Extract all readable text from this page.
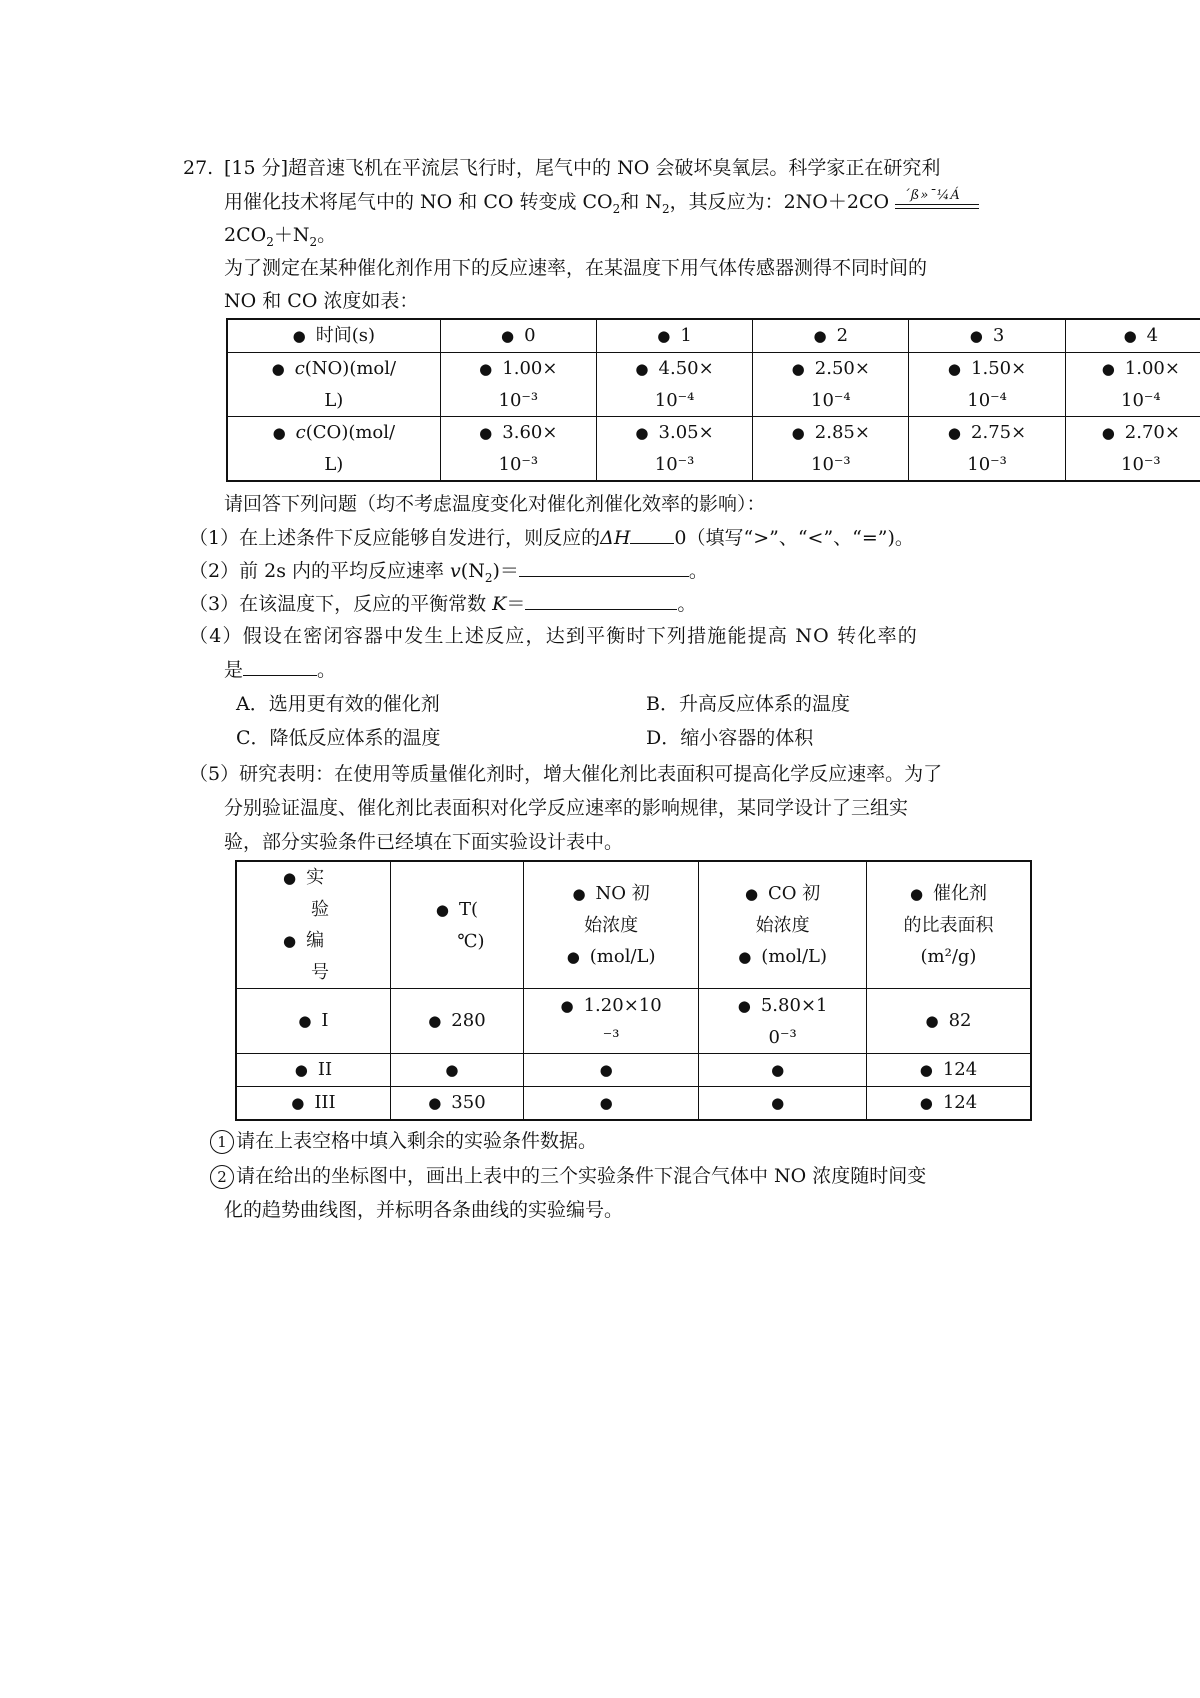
27. [15 分]超音速飞机在平流层飞行时，尾气中的 NO 会破坏臭氧层。科学家正在研究利
用催化技术将尾气中的 NO 和 CO 转变成 $CO_2$和 $N_2$，其反应为：2NO＋2CO ´ß»¯¼Á
$2CO_2+N_2$。
为了测定在某种催化剂作用下的反应速率，在某温度下用气体传感器测得不同时间的
NO 和 CO 浓度如表：
● 时间(s)	●0	●1	●2	●3	●4
● c(NO)(mol/
L)	● 1.00×
10⁻³	● 4.50×
10⁻⁴	● 2.50×
10⁻⁴	● 1.50×
10⁻⁴	● 1.00×
10⁻⁴
● c(CO)(mol/
L)	● 3.60×
10⁻³	● 3.05×
10⁻³	● 2.85×
10⁻³	● 2.75×
10⁻³	● 2.70×
10⁻³
请回答下列问题（均不考虑温度变化对催化剂催化效率的影响）：
（1）在上述条件下反应能够自发进行，则反应的ΔH 0（填写“>”、“<”、“=”)。
（2）前 2s 内的平均反应速率 $v(N_2)=$	。
（3）在该温度下，反应的平衡常数 K＝	。
（4）假设在密闭容器中发生上述反应，达到平衡时下列措施能提高 NO 转化率的
是	。
A．选用更有效的催化剂	B．升高反应体系的温度
C．降低反应体系的温度	D．缩小容器的体积
（5）研究表明：在使用等质量催化剂时，增大催化剂比表面积可提高化学反应速率。为了
分别验证温度、催化剂比表面积对化学反应速率的影响规律，某同学设计了三组实
验，部分实验条件已经填在下面实验设计表中。
● 实
验
● 编
号	● T(
℃)	● NO 初
始浓度
● (mol/L)	● CO 初
始浓度
● (mol/L)	● 催化剂
的比表面积
(m²/g)
● I	●280	● 1.20×10
⁻³	● 5.80×1
0⁻³	● 82
● II	●	●	●	●124
● III	●350	●	●	●124
1 请在上表空格中填入剩余的实验条件数据。
2 请在给出的坐标图中，画出上表中的三个实验条件下混合气体中 NO 浓度随时间变
化的趋势曲线图，并标明各条曲线的实验编号。
